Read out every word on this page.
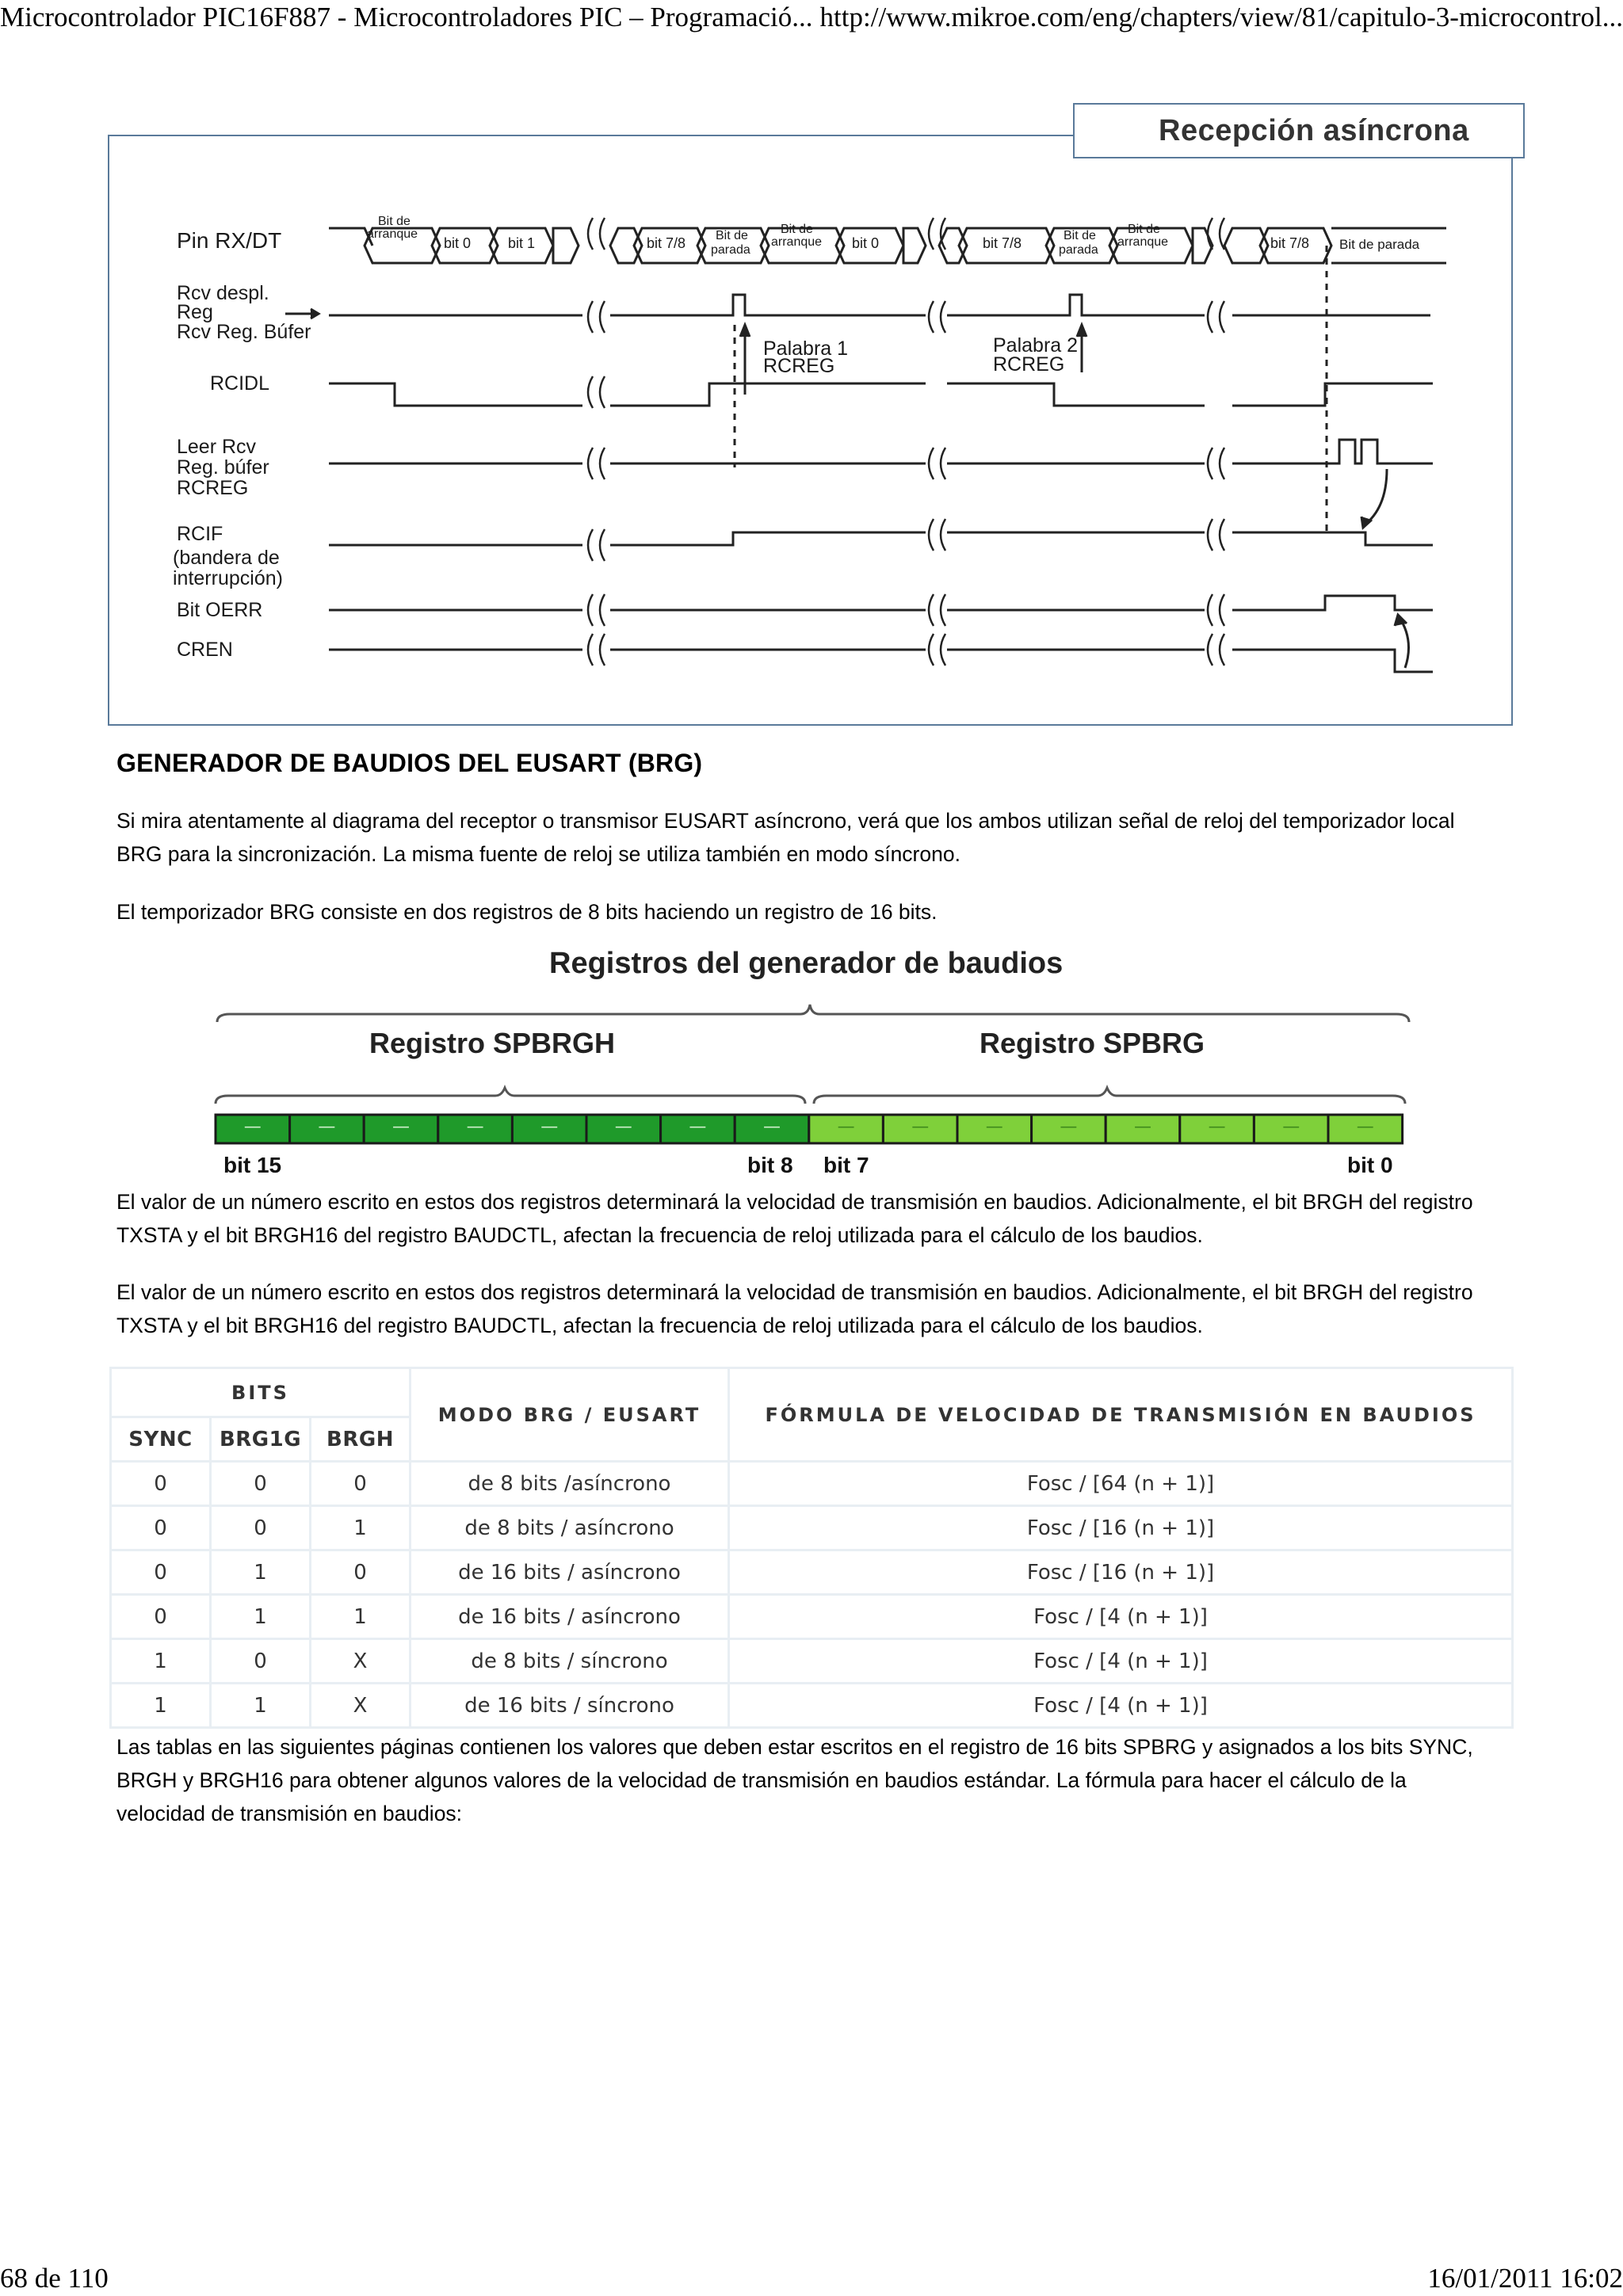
Microcontrolador PIC16F887 - Microcontroladores PIC – Programació... http://www.mikroe.com/eng/chapters/view/81/capitulo-3-microcontrol...
68 de 110	16/01/2011 16:02
Recepción asíncrona
Pin RX/DT
Rcv despl.
Reg
Rcv Reg. Búfer
RCIDL
Leer Rcv
Reg. búfer
RCREG
RCIF
(bandera de
interrupción)
Bit OERR
CREN
Bit de
arranque
bit 0	bit 1	bit 7/8 Bit de
parada
Bit de
arranque bit 0	bit 7/8	Bit de
parada
Bit de
arranque	bit 7/8 Bit de parada
Palabra 1
RCREG
Palabra 2
RCREG
GENERADOR DE BAUDIOS DEL EUSART (BRG)

Si mira atentamente al diagrama del receptor o transmisor EUSART asíncrono, verá que los ambos utilizan señal de reloj del temporizador local BRG para la sincronización. La misma fuente de reloj se utiliza también en modo síncrono.

El temporizador BRG consiste en dos registros de 8 bits haciendo un registro de 16 bits.

Registros del generador de baudios
—	—	—	—	—	—	—	—	—	—	—	—	—	—	—	—
Registro SPBRGH	Registro SPBRG
bit 15	bit 8 bit 7	bit 0

El valor de un número escrito en estos dos registros determinará la velocidad de transmisión en baudios. Adicionalmente, el bit BRGH del registro TXSTA y el bit BRGH16 del registro BAUDCTL, afectan la frecuencia de reloj utilizada para el cálculo de los baudios.

El valor de un número escrito en estos dos registros determinará la velocidad de transmisión en baudios. Adicionalmente, el bit BRGH del registro TXSTA y el bit BRGH16 del registro BAUDCTL, afectan la frecuencia de reloj utilizada para el cálculo de los baudios.

BITS			MODO BRG / EUSART	FÓRMULA DE VELOCIDAD DE TRANSMISIÓN EN BAUDIOS
SYNC	BRG1G	BRGH		
0	0	0	de 8 bits /asíncrono	Fosc / [64 (n + 1)]
0	0	1	de 8 bits / asíncrono	Fosc / [16 (n + 1)]
0	1	0	de 16 bits / asíncrono	Fosc / [16 (n + 1)]
0	1	1	de 16 bits / asíncrono	Fosc / [4 (n + 1)]
1	0	X	de 8 bits / síncrono	Fosc / [4 (n + 1)]
1	1	X	de 16 bits / síncrono	Fosc / [4 (n + 1)]

Las tablas en las siguientes páginas contienen los valores que deben estar escritos en el registro de 16 bits SPBRG y asignados a los bits SYNC, BRGH y BRGH16 para obtener algunos valores de la velocidad de transmisión en baudios estándar. La fórmula para hacer el cálculo de la velocidad de transmisión en baudios:
